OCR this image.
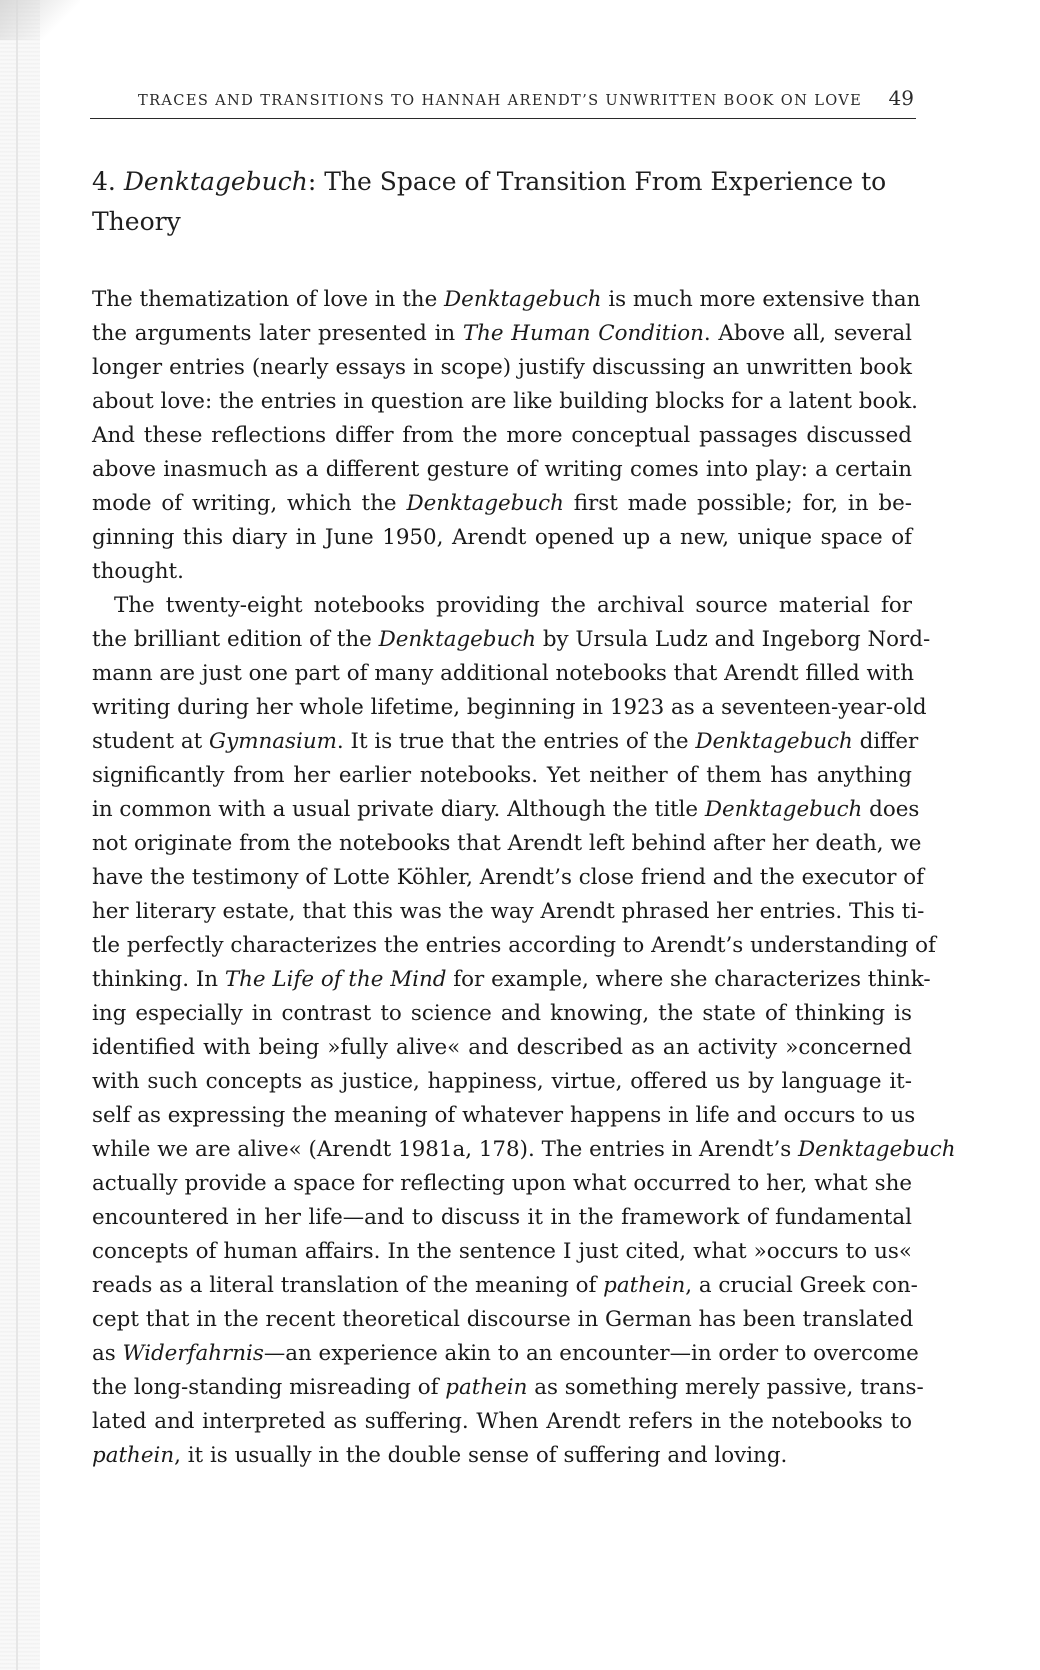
TRACES AND TRANSITIONS TO HANNAH ARENDT’S UNWRITTEN BOOK ON LOVE 49
4. Denktagebuch: The Space of Transition From Experience to
Theory
The thematization of love in the Denktagebuch is much more extensive than
the arguments later presented in The Human Condition. Above all, several
longer entries (nearly essays in scope) justify discussing an unwritten book
about love: the entries in question are like building blocks for a latent book.
And these reflections differ from the more conceptual passages discussed
above inasmuch as a different gesture of writing comes into play: a certain
mode of writing, which the Denktagebuch first made possible; for, in be-
ginning this diary in June 1950, Arendt opened up a new, unique space of
thought.
The twenty-eight notebooks providing the archival source material for
the brilliant edition of the Denktagebuch by Ursula Ludz and Ingeborg Nord-
mann are just one part of many additional notebooks that Arendt filled with
writing during her whole lifetime, beginning in 1923 as a seventeen-year-old
student at Gymnasium. It is true that the entries of the Denktagebuch differ
significantly from her earlier notebooks. Yet neither of them has anything
in common with a usual private diary. Although the title Denktagebuch does
not originate from the notebooks that Arendt left behind after her death, we
have the testimony of Lotte Köhler, Arendt’s close friend and the executor of
her literary estate, that this was the way Arendt phrased her entries. This ti-
tle perfectly characterizes the entries according to Arendt’s understanding of
thinking. In The Life of the Mind for example, where she characterizes think-
ing especially in contrast to science and knowing, the state of thinking is
identified with being »fully alive« and described as an activity »concerned
with such concepts as justice, happiness, virtue, offered us by language it-
self as expressing the meaning of whatever happens in life and occurs to us
while we are alive« (Arendt 1981a, 178). The entries in Arendt’s Denktagebuch
actually provide a space for reflecting upon what occurred to her, what she
encountered in her life—and to discuss it in the framework of fundamental
concepts of human affairs. In the sentence I just cited, what »occurs to us«
reads as a literal translation of the meaning of pathein, a crucial Greek con-
cept that in the recent theoretical discourse in German has been translated
as Widerfahrnis—an experience akin to an encounter—in order to overcome
the long-standing misreading of pathein as something merely passive, trans-
lated and interpreted as suffering. When Arendt refers in the notebooks to
pathein, it is usually in the double sense of suffering and loving.
